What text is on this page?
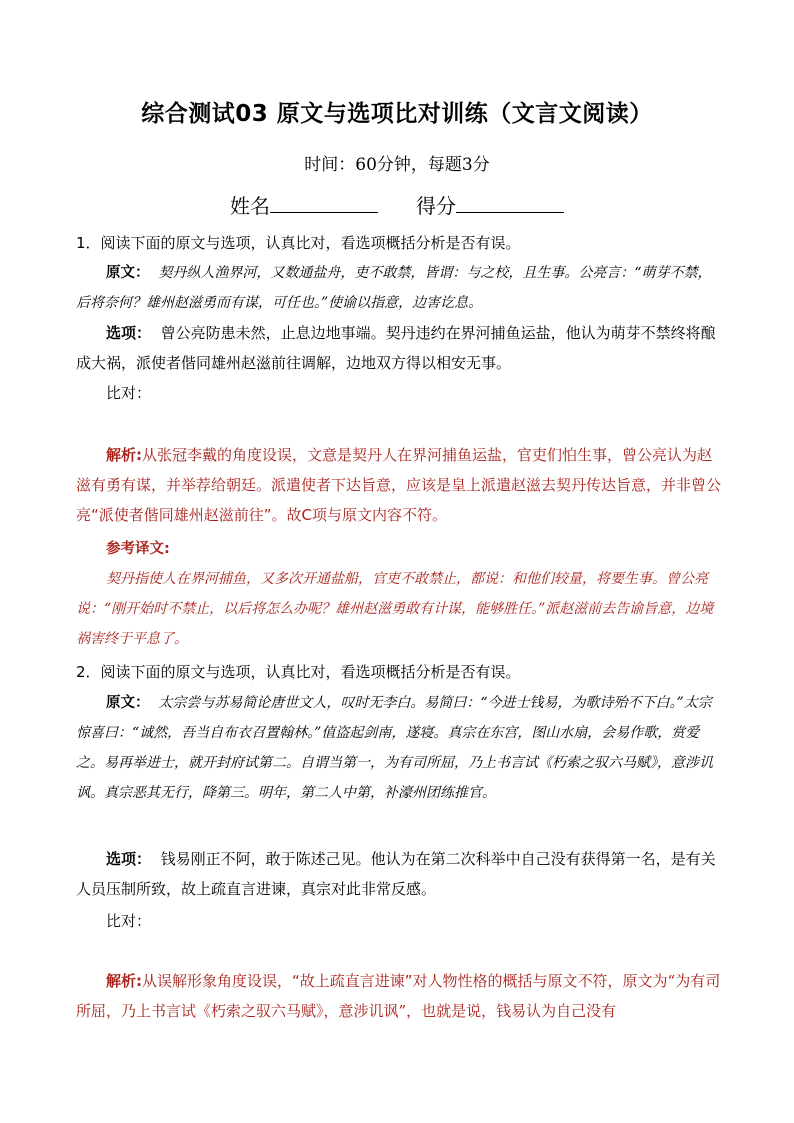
综合测试03 原文与选项比对训练（文言文阅读）
时间：60分钟，每题3分
姓名	得分
1．阅读下面的原文与选项，认真比对，看选项概括分析是否有误。
原文： 契丹纵人渔界河，又数通盐舟，吏不敢禁，皆谓：与之校，且生事。公亮言：“萌芽不禁，后将奈何？雄州赵滋勇而有谋，可任也。”使谕以指意，边害讫息。
选项： 曾公亮防患未然，止息边地事端。契丹违约在界河捕鱼运盐，他认为萌芽不禁终将酿成大祸，派使者偕同雄州赵滋前往调解，边地双方得以相安无事。
比对：
解析:从张冠李戴的角度设误，文意是契丹人在界河捕鱼运盐，官吏们怕生事，曾公亮认为赵滋有勇有谋，并举荐给朝廷。派遣使者下达旨意，应该是皇上派遣赵滋去契丹传达旨意，并非曾公亮“派使者偕同雄州赵滋前往”。故C项与原文内容不符。
参考译文:
契丹指使人在界河捕鱼，又多次开通盐船，官吏不敢禁止，都说：和他们较量，将要生事。曾公亮说：“刚开始时不禁止，以后将怎么办呢？雄州赵滋勇敢有计谋，能够胜任。”派赵滋前去告谕旨意，边境祸害终于平息了。
2．阅读下面的原文与选项，认真比对，看选项概括分析是否有误。
原文： 太宗尝与苏易简论唐世文人，叹时无李白。易简曰：“今进士钱易，为歌诗殆不下白。”太宗惊喜曰：“诚然，吾当自布衣召置翰林。”值盗起剑南，遂寝。真宗在东宫，图山水扇，会易作歌，赏爱之。易再举进士，就开封府试第二。自谓当第一，为有司所屈，乃上书言试《朽索之驭六马赋》，意涉讥讽。真宗恶其无行，降第三。明年，第二人中第，补濠州团练推官。
选项： 钱易刚正不阿，敢于陈述己见。他认为在第二次科举中自己没有获得第一名，是有关人员压制所致，故上疏直言进谏，真宗对此非常反感。
比对：
解析:从误解形象角度设误，“故上疏直言进谏”对人物性格的概括与原文不符，原文为“为有司所屈，乃上书言试《朽索之驭六马赋》，意涉讥讽”，也就是说，钱易认为自己没有
